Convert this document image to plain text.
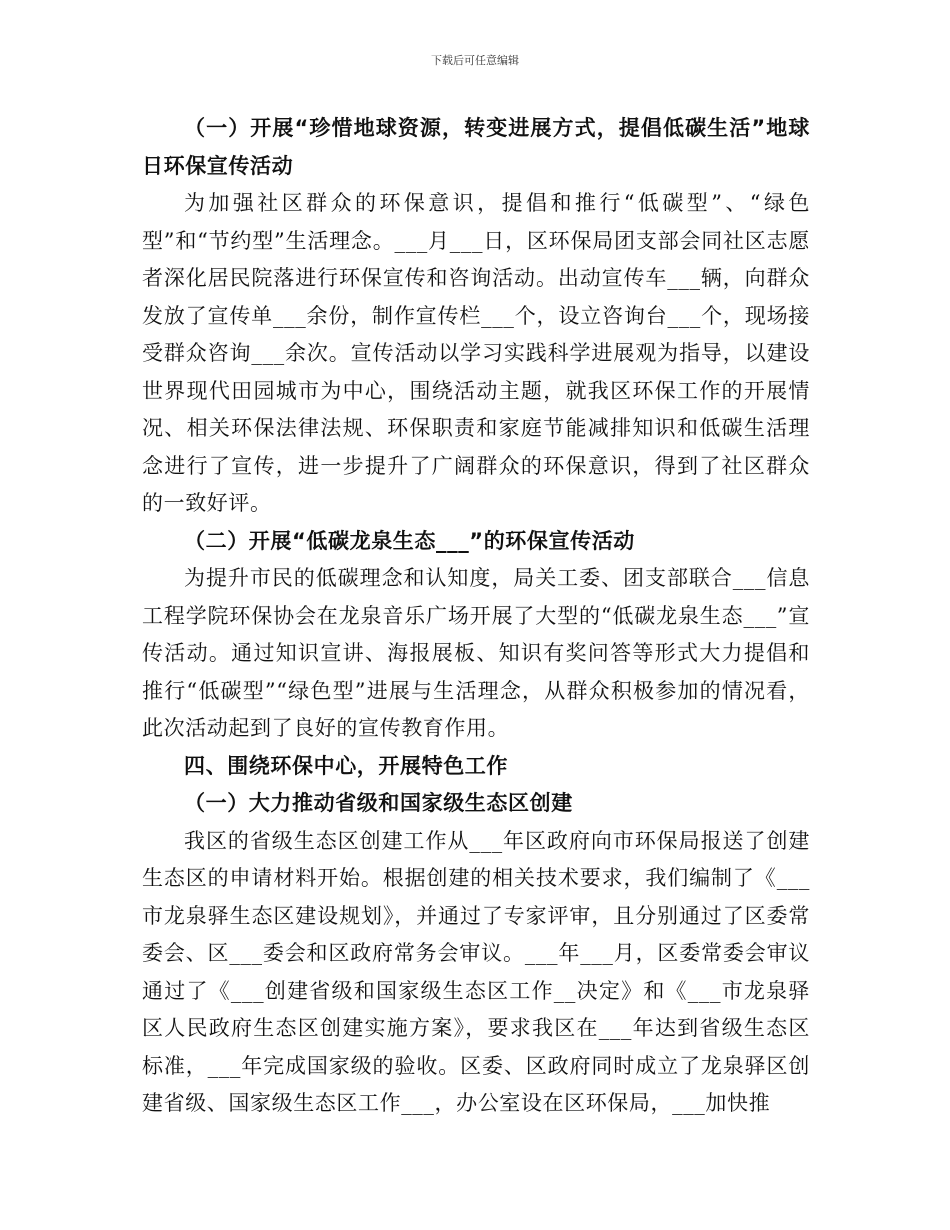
下载后可任意编辑
（一）开展“珍惜地球资源，转变进展方式，提倡低碳生活”地球日环保宣传活动

为加强社区群众的环保意识，提倡和推行“低碳型”、“绿色型”和“节约型”生活理念。___月___日，区环保局团支部会同社区志愿者深化居民院落进行环保宣传和咨询活动。出动宣传车___辆，向群众发放了宣传单___余份，制作宣传栏___个，设立咨询台___个，现场接受群众咨询___余次。宣传活动以学习实践科学进展观为指导，以建设世界现代田园城市为中心，围绕活动主题，就我区环保工作的开展情况、相关环保法律法规、环保职责和家庭节能减排知识和低碳生活理念进行了宣传，进一步提升了广阔群众的环保意识，得到了社区群众的一致好评。

（二）开展“低碳龙泉生态___”的环保宣传活动

为提升市民的低碳理念和认知度，局关工委、团支部联合___信息工程学院环保协会在龙泉音乐广场开展了大型的“低碳龙泉生态___”宣传活动。通过知识宣讲、海报展板、知识有奖问答等形式大力提倡和推行“低碳型”“绿色型”进展与生活理念，从群众积极参加的情况看，此次活动起到了良好的宣传教育作用。

四、围绕环保中心，开展特色工作
（一）大力推动省级和国家级生态区创建

我区的省级生态区创建工作从___年区政府向市环保局报送了创建生态区的申请材料开始。根据创建的相关技术要求，我们编制了《___市龙泉驿生态区建设规划》，并通过了专家评审，且分别通过了区委常委会、区___委会和区政府常务会审议。___年___月，区委常委会审议通过了《___创建省级和国家级生态区工作__决定》和《___市龙泉驿区人民政府生态区创建实施方案》，要求我区在___年达到省级生态区标准，___年完成国家级的验收。区委、区政府同时成立了龙泉驿区创建省级、国家级生态区工作___，办公室设在区环保局，___加快推
